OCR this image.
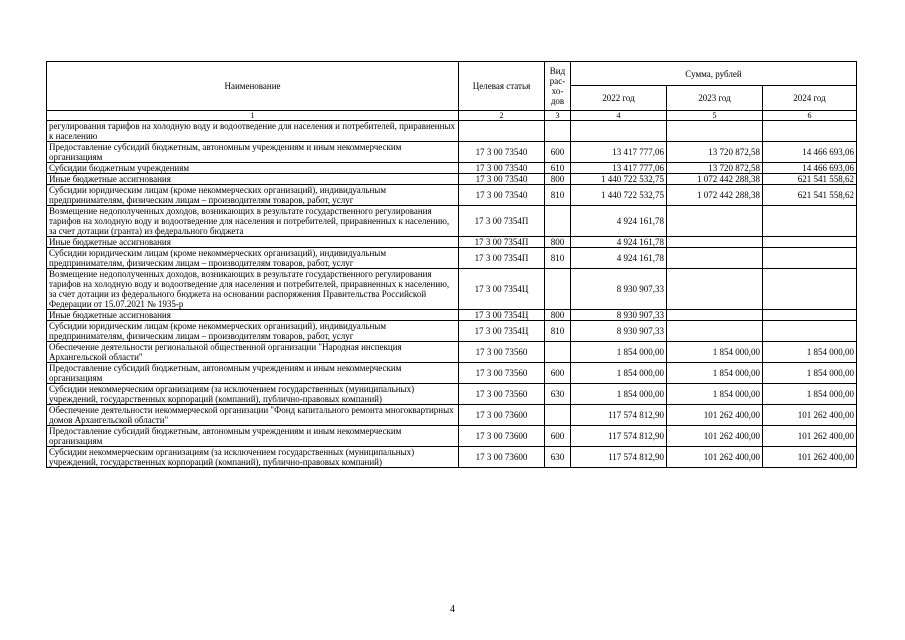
Наименование	Целевая статья	Вид рас-хо-дов	Сумма, рублей		
			2022 год	2023 год	2024 год
1	2	3	4	5	6
регулирования тарифов на холодную воду и водоотведение для населения и потребителей, приравненных к населению					
Предоставление субсидий бюджетным, автономным учреждениям и иным некоммерческим организациям	17 3 00 73540	600	13 417 777,06	13 720 872,58	14 466 693,06
Субсидии бюджетным учреждениям	17 3 00 73540	610	13 417 777,06	13 720 872,58	14 466 693,06
Иные бюджетные ассигнования	17 3 00 73540	800	1 440 722 532,75	1 072 442 288,38	621 541 558,62
Субсидии юридическим лицам (кроме некоммерческих организаций), индивидуальным предпринимателям, физическим лицам – производителям товаров, работ, услуг	17 3 00 73540	810	1 440 722 532,75	1 072 442 288,38	621 541 558,62
Возмещение недополученных доходов, возникающих в результате государственного регулирования тарифов на холодную воду и водоотведение для населения и потребителей, приравненных к населению, за счет дотации (гранта) из федерального бюджета	17 3 00 7354П		4 924 161,78		
Иные бюджетные ассигнования	17 3 00 7354П	800	4 924 161,78		
Субсидии юридическим лицам (кроме некоммерческих организаций), индивидуальным предпринимателям, физическим лицам – производителям товаров, работ, услуг	17 3 00 7354П	810	4 924 161,78		
Возмещение недополученных доходов, возникающих в результате государственного регулирования тарифов на холодную воду и водоотведение для населения и потребителей, приравненных к населению, за счет дотации из федерального бюджета на основании распоряжения Правительства Российской Федерации от 15.07.2021 № 1935-р	17 3 00 7354Ц		8 930 907,33		
Иные бюджетные ассигнования	17 3 00 7354Ц	800	8 930 907,33		
Субсидии юридическим лицам (кроме некоммерческих организаций), индивидуальным предпринимателям, физическим лицам – производителям товаров, работ, услуг	17 3 00 7354Ц	810	8 930 907,33		
Обеспечение деятельности региональной общественной организации "Народная инспекция Архангельской области"	17 3 00 73560		1 854 000,00	1 854 000,00	1 854 000,00
Предоставление субсидий бюджетным, автономным учреждениям и иным некоммерческим организациям	17 3 00 73560	600	1 854 000,00	1 854 000,00	1 854 000,00
Субсидии некоммерческим организациям (за исключением государственных (муниципальных) учреждений, государственных корпораций (компаний), публично-правовых компаний)	17 3 00 73560	630	1 854 000,00	1 854 000,00	1 854 000,00
Обеспечение деятельности некоммерческой организации "Фонд капитального ремонта многоквартирных домов Архангельской области"	17 3 00 73600		117 574 812,90	101 262 400,00	101 262 400,00
Предоставление субсидий бюджетным, автономным учреждениям и иным некоммерческим организациям	17 3 00 73600	600	117 574 812,90	101 262 400,00	101 262 400,00
Субсидии некоммерческим организациям (за исключением государственных (муниципальных) учреждений, государственных корпораций (компаний), публично-правовых компаний)	17 3 00 73600	630	117 574 812,90	101 262 400,00	101 262 400,00
4
